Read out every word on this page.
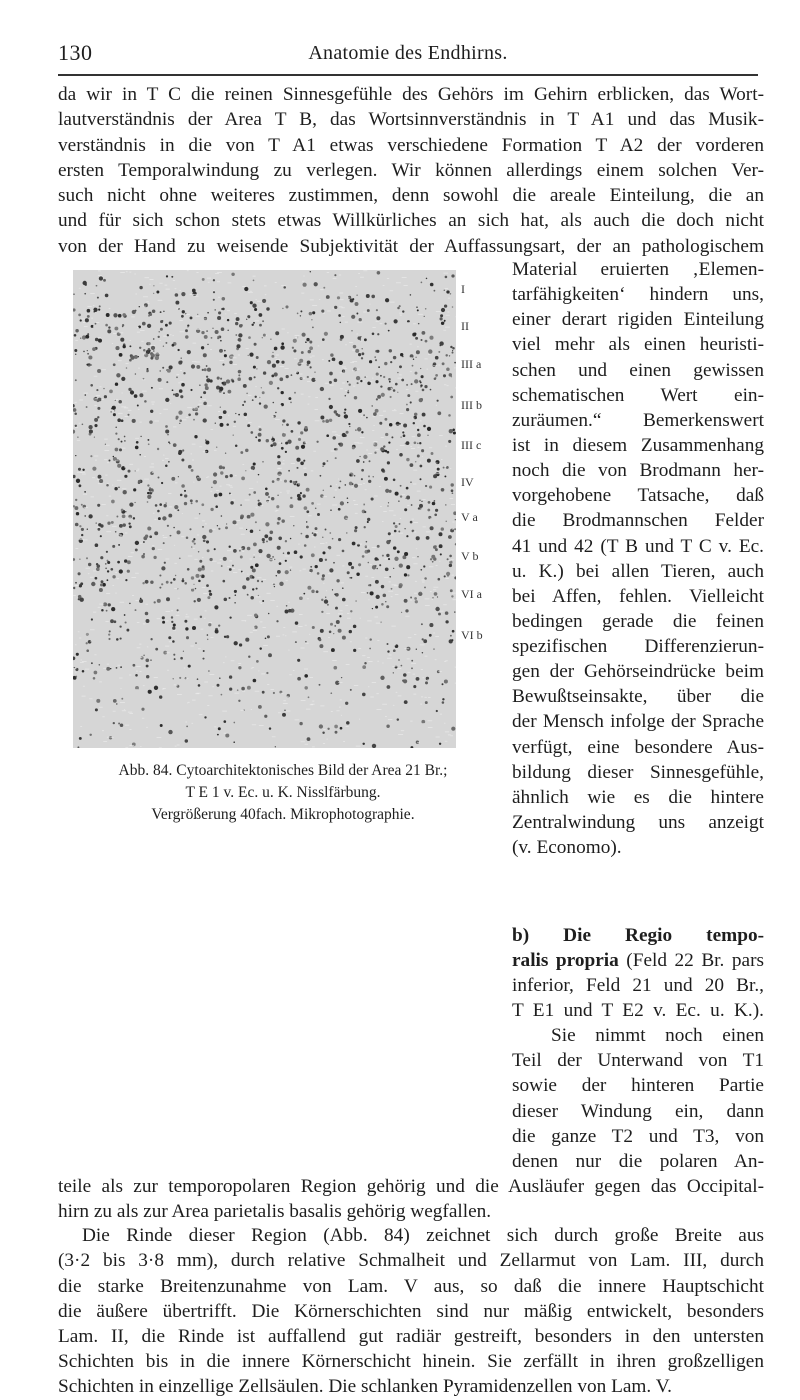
130	Anatomie des Endhirns.
da wir in T C die reinen Sinnesgefühle des Gehörs im Gehirn erblicken, das Wort-
lautverständnis der Area T B, das Wortsinnverständnis in T A1 und das Musik-
verständnis in die von T A1 etwas verschiedene Formation T A2 der vorderen
ersten Temporalwindung zu verlegen. Wir können allerdings einem solchen Ver-
such nicht ohne weiteres zustimmen, denn sowohl die areale Einteilung, die an
und für sich schon stets etwas Willkürliches an sich hat, als auch die doch nicht
von der Hand zu weisende Subjektivität der Auffassungsart, der an pathologischem
Material eruierten ‚Elemen-
tarfähigkeiten‘ hindern uns,
einer derart rigiden Einteilung
viel mehr als einen heuristi-
schen und einen gewissen
schematischen Wert ein-
zuräumen.“ Bemerkenswert
ist in diesem Zusammenhang
noch die von Brodmann her-
vorgehobene Tatsache, daß
die Brodmannschen Felder
41 und 42 (T B und T C v. Ec.
u. K.) bei allen Tieren, auch
bei Affen, fehlen. Vielleicht
bedingen gerade die feinen
spezifischen Differenzierun-
gen der Gehörseindrücke beim
Bewußtseinsakte, über die
der Mensch infolge der Sprache
verfügt, eine besondere Aus-
bildung dieser Sinnesgefühle,
ähnlich wie es die hintere
Zentralwindung uns anzeigt
(v. Economo).
b) Die Regio tempo-
ralis propria (Feld 22 Br. pars
inferior, Feld 21 und 20 Br.,
T E1 und T E2 v. Ec. u. K.).
Sie nimmt noch einen
Teil der Unterwand von T1
sowie der hinteren Partie
dieser Windung ein, dann
die ganze T2 und T3, von
denen nur die polaren An-
teile als zur temporopolaren Region gehörig und die Ausläufer gegen das Occipital-
hirn zu als zur Area parietalis basalis gehörig wegfallen.
Die Rinde dieser Region (Abb. 84) zeichnet sich durch große Breite aus
(3·2 bis 3·8 mm), durch relative Schmalheit und Zellarmut von Lam. III, durch
die starke Breitenzunahme von Lam. V aus, so daß die innere Hauptschicht
die äußere übertrifft. Die Körnerschichten sind nur mäßig entwickelt, besonders
Lam. II, die Rinde ist auffallend gut radiär gestreift, besonders in den untersten
Schichten bis in die innere Körnerschicht hinein. Sie zerfällt in ihren großzelligen
Schichten in einzellige Zellsäulen. Die schlanken Pyramidenzellen von Lam. V.
I
II
III a
III b
III c
IV
V a
V b
VI a
VI b
Abb. 84. Cytoarchitektonisches Bild der Area 21 Br.;
T E 1 v. Ec. u. K. Nisslfärbung.
Vergrößerung 40fach. Mikrophotographie.
